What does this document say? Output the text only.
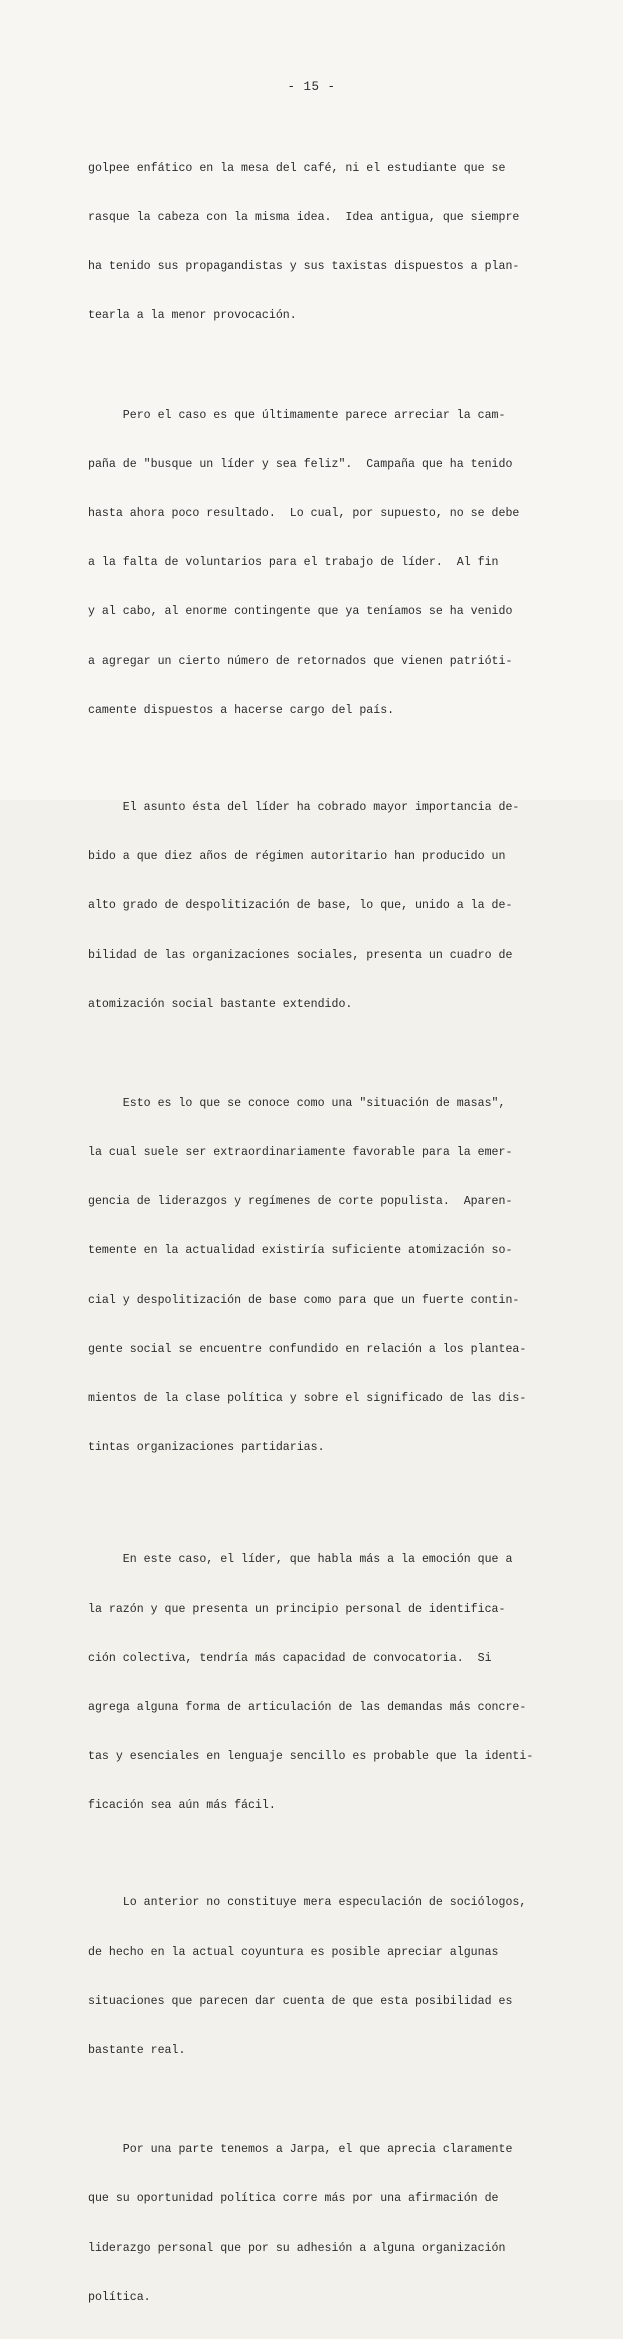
- 15 -

golpee enfático en la mesa del café, ni el estudiante que se

rasque la cabeza con la misma idea.  Idea antigua, que siempre

ha tenido sus propagandistas y sus taxistas dispuestos a plan-

tearla a la menor provocación.

Pero el caso es que últimamente parece arreciar la cam-

paña de "busque un líder y sea feliz".  Campaña que ha tenido

hasta ahora poco resultado.  Lo cual, por supuesto, no se debe

a la falta de voluntarios para el trabajo de líder.  Al fin

y al cabo, al enorme contingente que ya teníamos se ha venido

a agregar un cierto número de retornados que vienen patrióti-

camente dispuestos a hacerse cargo del país.

El asunto ésta del líder ha cobrado mayor importancia de-

bido a que diez años de régimen autoritario han producido un

alto grado de despolitización de base, lo que, unido a la de-

bilidad de las organizaciones sociales, presenta un cuadro de

atomización social bastante extendido.

Esto es lo que se conoce como una "situación de masas",

la cual suele ser extraordinariamente favorable para la emer-

gencia de liderazgos y regímenes de corte populista.  Aparen-

temente en la actualidad existiría suficiente atomización so-

cial y despolitización de base como para que un fuerte contin-

gente social se encuentre confundido en relación a los plantea-

mientos de la clase política y sobre el significado de las dis-

tintas organizaciones partidarias.

En este caso, el líder, que habla más a la emoción que a

la razón y que presenta un principio personal de identifica-

ción colectiva, tendría más capacidad de convocatoria.  Si

agrega alguna forma de articulación de las demandas más concre-

tas y esenciales en lenguaje sencillo es probable que la identi-

ficación sea aún más fácil.

Lo anterior no constituye mera especulación de sociólogos,

de hecho en la actual coyuntura es posible apreciar algunas

situaciones que parecen dar cuenta de que esta posibilidad es

bastante real.

Por una parte tenemos a Jarpa, el que aprecia claramente

que su oportunidad política corre más por una afirmación de

liderazgo personal que por su adhesión a alguna organización

política.
